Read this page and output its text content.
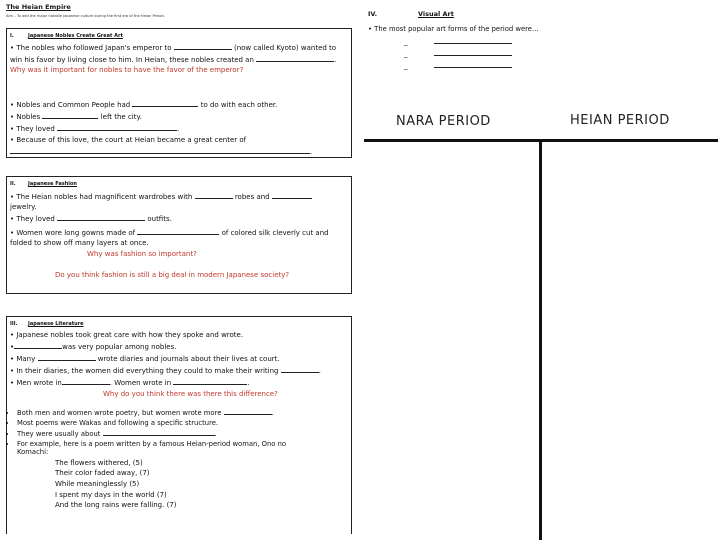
The Heian Empire
Aim – To add the major notable Japanese culture during the first era of the Heian Period.
I.	Japanese Nobles Create Great Art
• The nobles who followed Japan's emperor to	(now called Kyoto) wanted to
win his favor by living close to him. In Heian, these nobles created an	.
Why was it important for nobles to have the favor of the emperor?
• Nobles and Common People had	to do with each other.
• Nobles	left the city.
• They loved	.
• Because of this love, the court at Heian became a great center of
.
II. Japanese Fashion
• The Heian nobles had magnificent wardrobes with	robes and
jewelry.
• They loved	outfits.
• Women wore long gowns made of	of colored silk cleverly cut and
folded to show off many layers at once.
Why was fashion so important?
Do you think fashion is still a big deal in modern Japanese society?
III. Japanese Literature
• Japanese nobles took great care with how they spoke and wrote.
•	was very popular among nobles.
• Many	wrote diaries and journals about their lives at court.
• In their diaries, the women did everything they could to make their writing	.
• Men wrote in	. Women wrote in	.
Why do you think there was there this difference?
• Both men and women wrote poetry, but women wrote more	.
• Most poems were Wakas and following a specific structure.
• They were usually about	.
• For example, here is a poem written by a famous Heian-period woman, Ono no Komachi:
The flowers withered, (5)
Their color faded away, (7)
While meaninglessly (5)
I spent my days in the world (7)
And the long rains were falling. (7)
IV.	Visual Art
• The most popular art forms of the period were…
_
_
_
NARA PERIOD	HEIAN PERIOD
